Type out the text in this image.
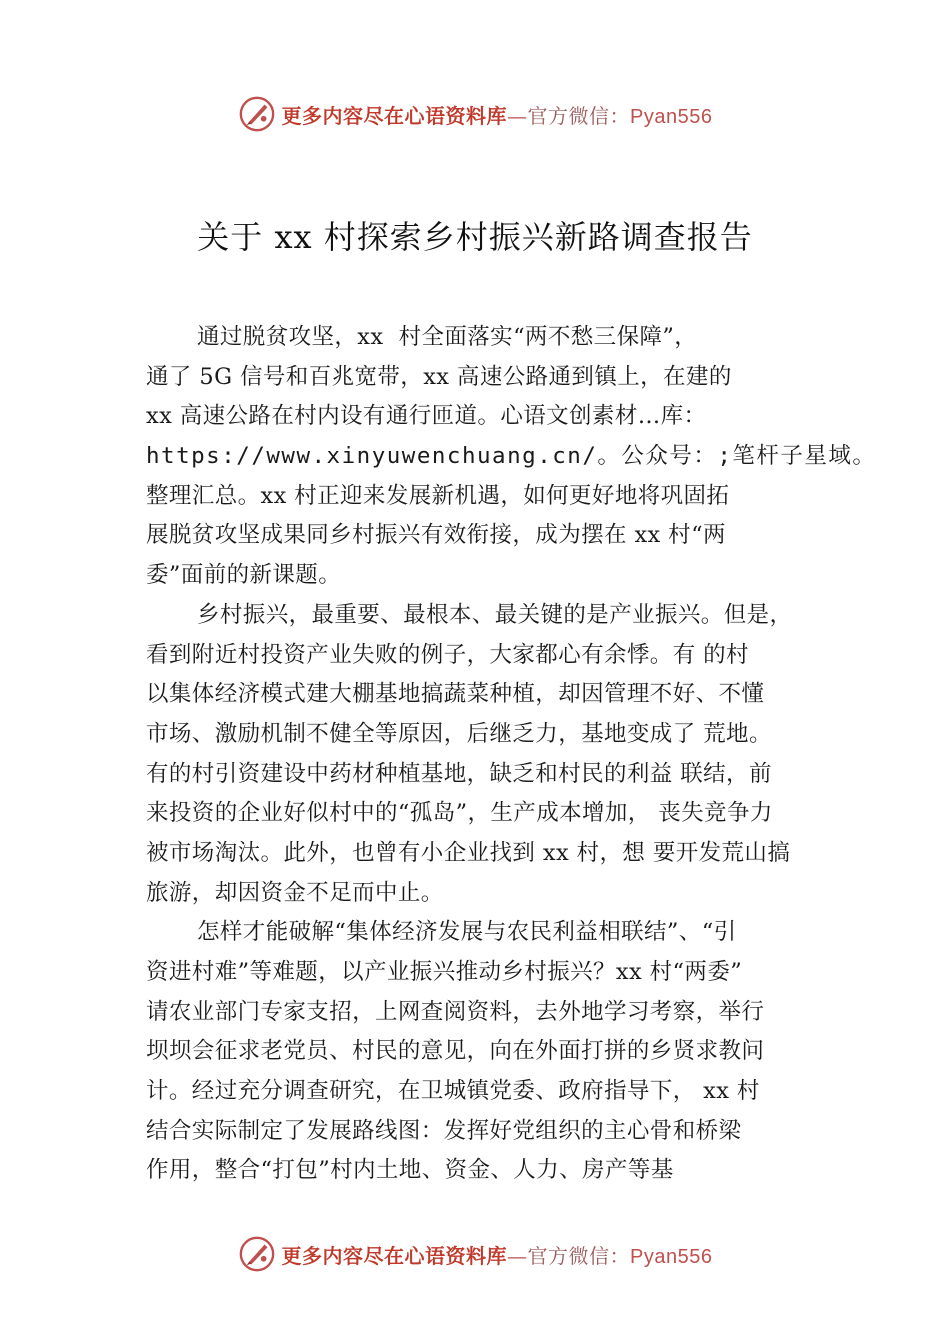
更多内容尽在心语资料库—官方微信：Pyan556
关于 xx 村探索乡村振兴新路调查报告
通过脱贫攻坚，xx  村全面落实“两不愁三保障”，
通了 5G 信号和百兆宽带，xx 高速公路通到镇上，在建的
xx 高速公路在村内设有通行匝道。心语文创素材…库：
https://www.xinyuwenchuang.cn/。公众号：;笔杆子星域。
整理汇总。xx 村正迎来发展新机遇，如何更好地将巩固拓
展脱贫攻坚成果同乡村振兴有效衔接，成为摆在 xx 村“两
委”面前的新课题。
乡村振兴，最重要、最根本、最关键的是产业振兴。但是，
看到附近村投资产业失败的例子，大家都心有余悸。有 的村
以集体经济模式建大棚基地搞蔬菜种植，却因管理不好、不懂
市场、激励机制不健全等原因，后继乏力，基地变成了 荒地。
有的村引资建设中药材种植基地，缺乏和村民的利益 联结，前
来投资的企业好似村中的“孤岛”，生产成本增加， 丧失竞争力
被市场淘汰。此外，也曾有小企业找到 xx 村，想 要开发荒山搞
旅游，却因资金不足而中止。
怎样才能破解“集体经济发展与农民利益相联结”、“引
资进村难”等难题，以产业振兴推动乡村振兴？xx 村“两委”
请农业部门专家支招，上网查阅资料，去外地学习考察，举行
坝坝会征求老党员、村民的意见，向在外面打拼的乡贤求教问
计。经过充分调查研究，在卫城镇党委、政府指导下， xx 村
结合实际制定了发展路线图：发挥好党组织的主心骨和桥梁
作用，整合“打包”村内土地、资金、人力、房产等基
更多内容尽在心语资料库—官方微信：Pyan556
